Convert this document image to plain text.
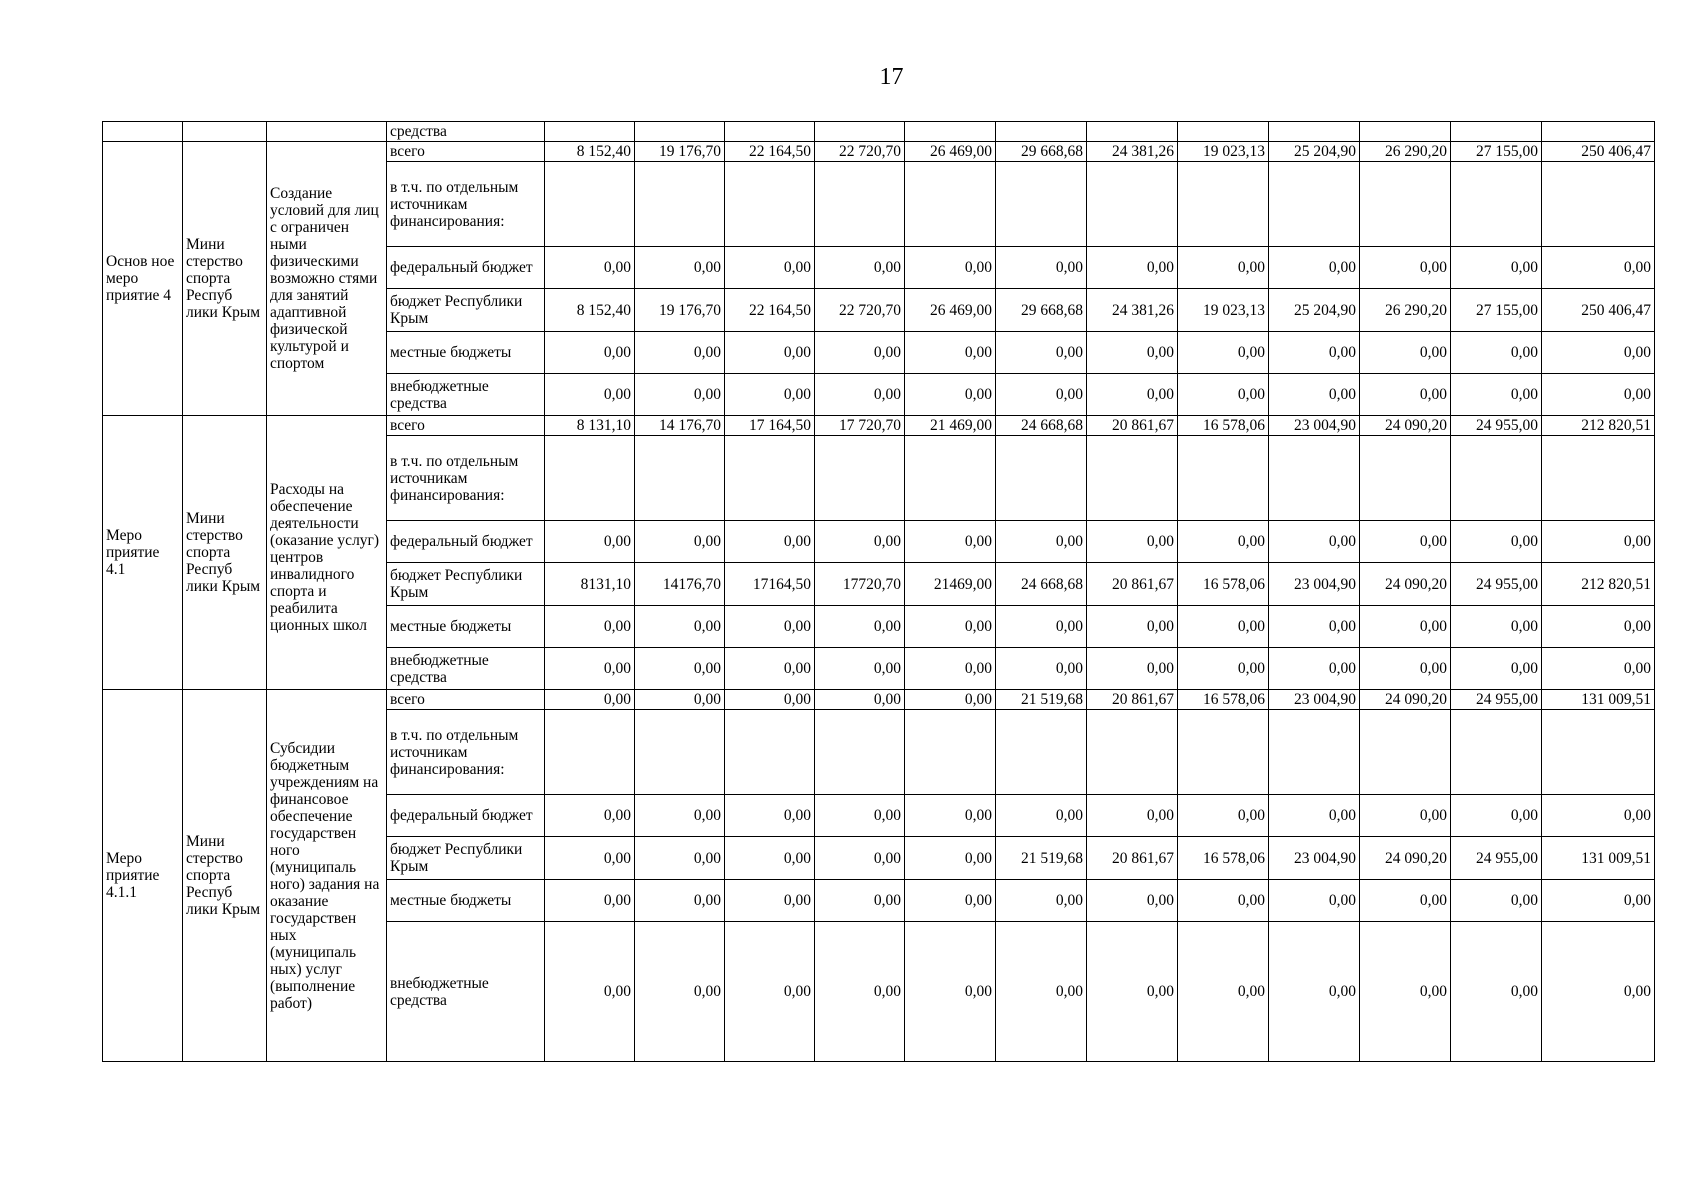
17
			средства												
Основ ное меро приятие 4	Мини стерство спорта Респуб лики Крым	Создание условий для лиц с ограничен ными физическими возможно стями для занятий адаптивной физической культурой и спортом	всего	8 152,40	19 176,70	22 164,50	22 720,70	26 469,00	29 668,68	24 381,26	19 023,13	25 204,90	26 290,20	27 155,00	250 406,47
			в т.ч. по отдельным источникам финансирования:												
			федеральный бюджет	0,00	0,00	0,00	0,00	0,00	0,00	0,00	0,00	0,00	0,00	0,00	0,00
			бюджет Республики Крым	8 152,40	19 176,70	22 164,50	22 720,70	26 469,00	29 668,68	24 381,26	19 023,13	25 204,90	26 290,20	27 155,00	250 406,47
			местные бюджеты	0,00	0,00	0,00	0,00	0,00	0,00	0,00	0,00	0,00	0,00	0,00	0,00
			внебюджетные средства	0,00	0,00	0,00	0,00	0,00	0,00	0,00	0,00	0,00	0,00	0,00	0,00
Меро приятие 4.1	Мини стерство спорта Респуб лики Крым	Расходы на обеспечение деятельности (оказание услуг) центров инвалидного спорта и реабилита ционных школ	всего	8 131,10	14 176,70	17 164,50	17 720,70	21 469,00	24 668,68	20 861,67	16 578,06	23 004,90	24 090,20	24 955,00	212 820,51
			в т.ч. по отдельным источникам финансирования:												
			федеральный бюджет	0,00	0,00	0,00	0,00	0,00	0,00	0,00	0,00	0,00	0,00	0,00	0,00
			бюджет Республики Крым	8131,10	14176,70	17164,50	17720,70	21469,00	24 668,68	20 861,67	16 578,06	23 004,90	24 090,20	24 955,00	212 820,51
			местные бюджеты	0,00	0,00	0,00	0,00	0,00	0,00	0,00	0,00	0,00	0,00	0,00	0,00
			внебюджетные средства	0,00	0,00	0,00	0,00	0,00	0,00	0,00	0,00	0,00	0,00	0,00	0,00
Меро приятие 4.1.1	Мини стерство спорта Респуб лики Крым	Субсидии бюджетным учреждениям на финансовое обеспечение государствен ного (муниципаль ного) задания на оказание государствен ных (муниципаль ных) услуг (выполнение работ)	всего	0,00	0,00	0,00	0,00	0,00	21 519,68	20 861,67	16 578,06	23 004,90	24 090,20	24 955,00	131 009,51
			в т.ч. по отдельным источникам финансирования:												
			федеральный бюджет	0,00	0,00	0,00	0,00	0,00	0,00	0,00	0,00	0,00	0,00	0,00	0,00
			бюджет Республики Крым	0,00	0,00	0,00	0,00	0,00	21 519,68	20 861,67	16 578,06	23 004,90	24 090,20	24 955,00	131 009,51
			местные бюджеты	0,00	0,00	0,00	0,00	0,00	0,00	0,00	0,00	0,00	0,00	0,00	0,00
			внебюджетные средства	0,00	0,00	0,00	0,00	0,00	0,00	0,00	0,00	0,00	0,00	0,00	0,00
